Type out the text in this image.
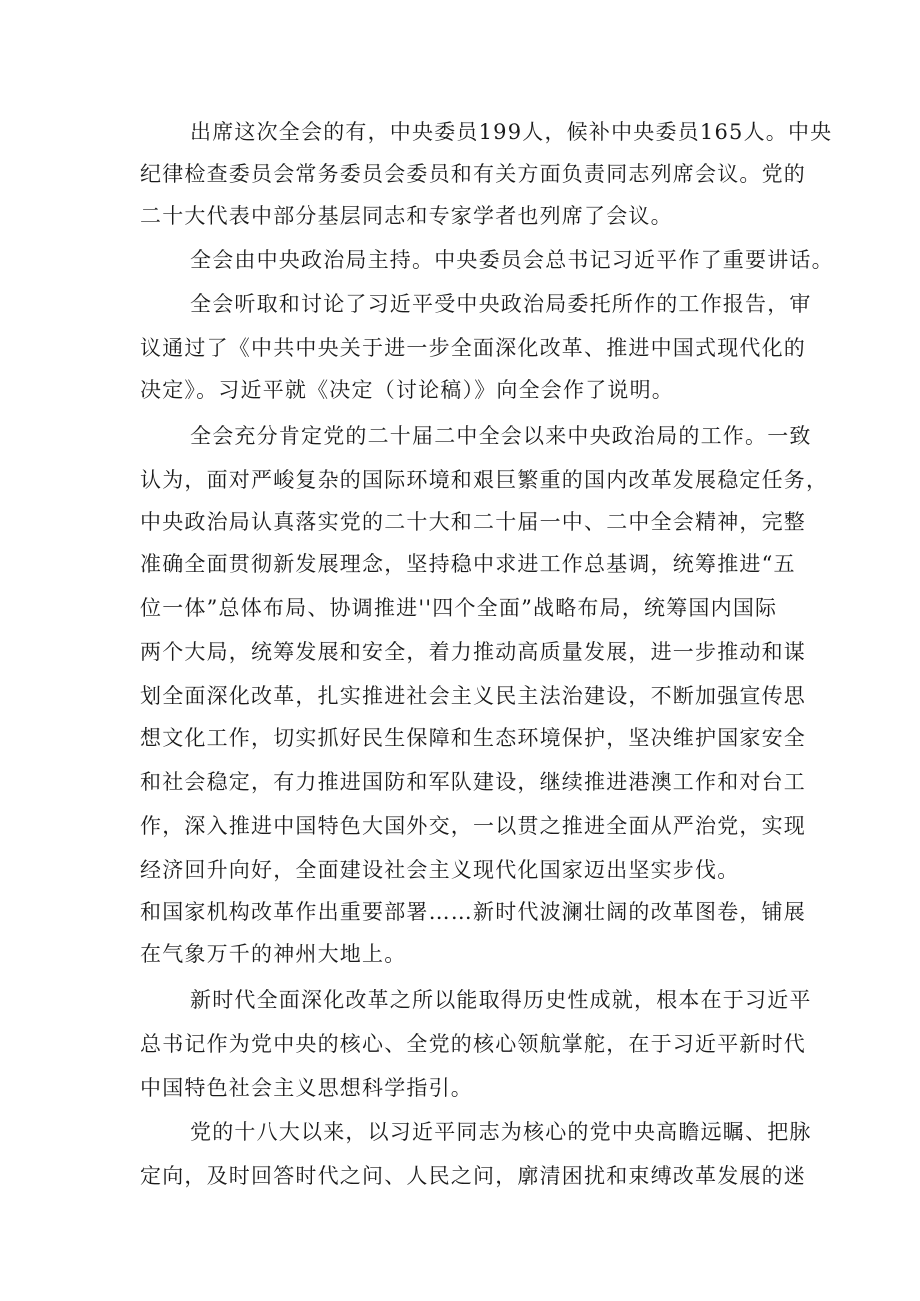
出席这次全会的有，中央委员199人，候补中央委员165人。中央
纪律检查委员会常务委员会委员和有关方面负责同志列席会议。党的
二十大代表中部分基层同志和专家学者也列席了会议。
全会由中央政治局主持。中央委员会总书记习近平作了重要讲话。
全会听取和讨论了习近平受中央政治局委托所作的工作报告，审
议通过了《中共中央关于进一步全面深化改革、推进中国式现代化的
决定》。习近平就《决定（讨论稿）》向全会作了说明。
全会充分肯定党的二十届二中全会以来中央政治局的工作。一致
认为，面对严峻复杂的国际环境和艰巨繁重的国内改革发展稳定任务，
中央政治局认真落实党的二十大和二十届一中、二中全会精神，完整
准确全面贯彻新发展理念，坚持稳中求进工作总基调，统筹推进“五
位一体”总体布局、协调推进''四个全面”战略布局，统筹国内国际
两个大局，统筹发展和安全，着力推动高质量发展，进一步推动和谋
划全面深化改革，扎实推进社会主义民主法治建设，不断加强宣传思
想文化工作，切实抓好民生保障和生态环境保护，坚决维护国家安全
和社会稳定，有力推进国防和军队建设，继续推进港澳工作和对台工
作，深入推进中国特色大国外交，一以贯之推进全面从严治党，实现
经济回升向好，全面建设社会主义现代化国家迈出坚实步伐。
和国家机构改革作出重要部署……新时代波澜壮阔的改革图卷，铺展
在气象万千的神州大地上。
新时代全面深化改革之所以能取得历史性成就，根本在于习近平
总书记作为党中央的核心、全党的核心领航掌舵，在于习近平新时代
中国特色社会主义思想科学指引。
党的十八大以来，以习近平同志为核心的党中央高瞻远瞩、把脉
定向，及时回答时代之问、人民之问，廓清困扰和束缚改革发展的迷
